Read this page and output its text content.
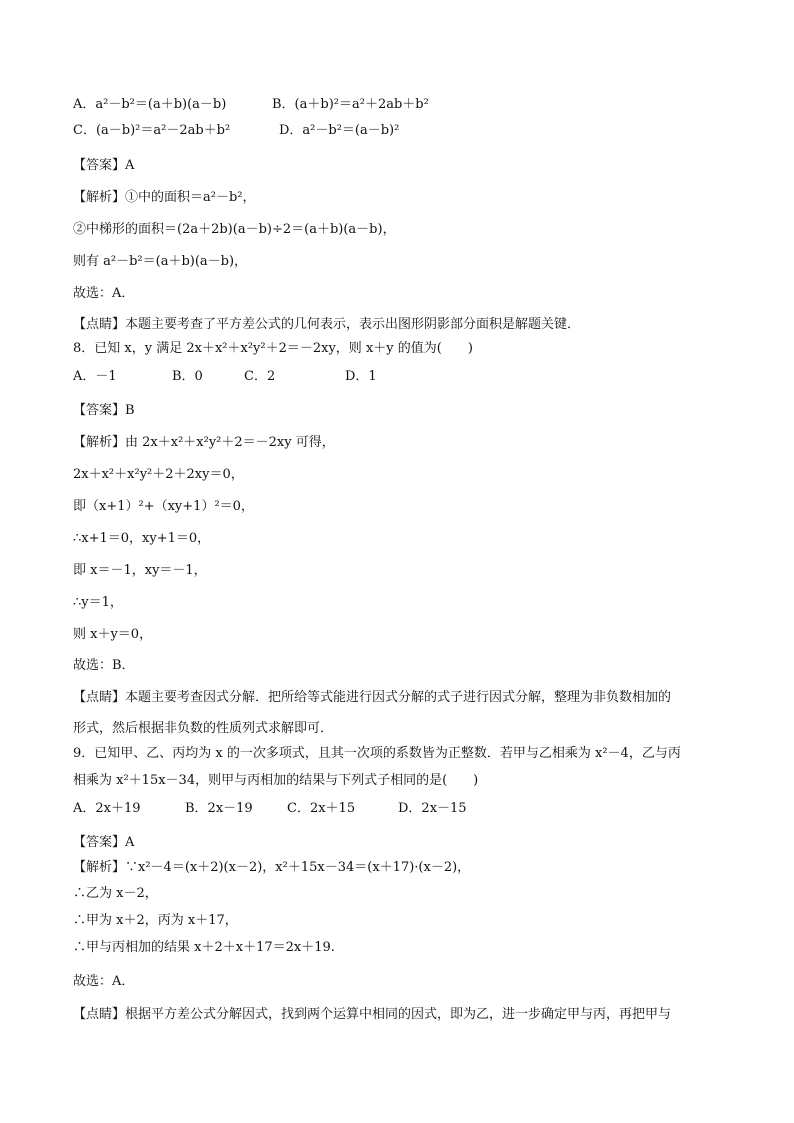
A．a²－b²＝(a＋b)(a－b)	B．(a＋b)²＝a²＋2ab＋b²
C．(a－b)²＝a²－2ab＋b²	D．a²－b²＝(a－b)²
【答案】A
【解析】①中的面积＝a²－b²，
②中梯形的面积＝(2a＋2b)(a－b)÷2＝(a＋b)(a－b)，
则有 a²－b²＝(a＋b)(a－b)，
故选：A．
【点睛】本题主要考查了平方差公式的几何表示，表示出图形阴影部分面积是解题关键．
8．已知 x，y 满足 2x＋x²＋x²y²＋2＝－2xy，则 x＋y 的值为(　　)
A．－1	B．0	C．2	D．1
【答案】B
【解析】由 2x＋x²＋x²y²＋2＝－2xy 可得，
2x＋x²＋x²y²＋2＋2xy＝0，
即（x+1）²+（xy+1）²＝0，
∴x+1＝0，xy+1＝0，
即 x＝－1，xy＝－1，
∴y＝1，
则 x＋y＝0，
故选：B．
【点睛】本题主要考查因式分解．把所给等式能进行因式分解的式子进行因式分解，整理为非负数相加的
形式，然后根据非负数的性质列式求解即可．
9．已知甲、乙、丙均为 x 的一次多项式，且其一次项的系数皆为正整数．若甲与乙相乘为 x²－4，乙与丙
相乘为 x²＋15x－34，则甲与丙相加的结果与下列式子相同的是(　　)
A．2x＋19	B．2x－19	C．2x＋15	D．2x－15
【答案】A
【解析】∵x²－4＝(x＋2)(x－2)，x²＋15x－34＝(x＋17)·(x－2)，
∴乙为 x－2，
∴甲为 x＋2，丙为 x＋17，
∴甲与丙相加的结果 x＋2＋x＋17＝2x＋19.
故选：A．
【点睛】根据平方差公式分解因式，找到两个运算中相同的因式，即为乙，进一步确定甲与丙，再把甲与
